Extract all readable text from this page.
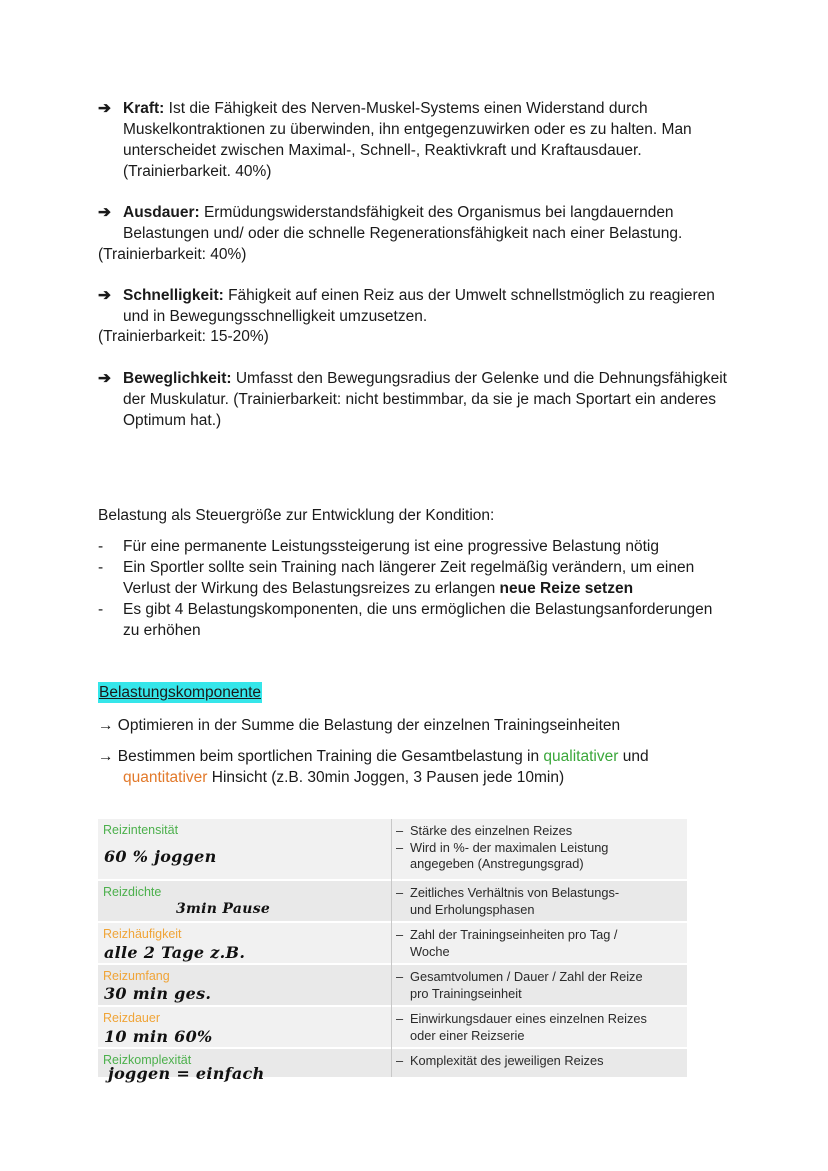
➔ Kraft: Ist die Fähigkeit des Nerven-Muskel-Systems einen Widerstand durch
Muskelkontraktionen zu überwinden, ihn entgegenzuwirken oder es zu halten. Man
unterscheidet zwischen Maximal-, Schnell-, Reaktivkraft und Kraftausdauer.
(Trainierbarkeit. 40%)
➔ Ausdauer: Ermüdungswiderstandsfähigkeit des Organismus bei langdauernden
Belastungen und/ oder die schnelle Regenerationsfähigkeit nach einer Belastung.
(Trainierbarkeit: 40%)
➔ Schnelligkeit: Fähigkeit auf einen Reiz aus der Umwelt schnellstmöglich zu reagieren
und in Bewegungsschnelligkeit umzusetzen.
(Trainierbarkeit: 15-20%)
➔ Beweglichkeit: Umfasst den Bewegungsradius der Gelenke und die Dehnungsfähigkeit
der Muskulatur. (Trainierbarkeit: nicht bestimmbar, da sie je mach Sportart ein anderes
Optimum hat.)
Belastung als Steuergröße zur Entwicklung der Kondition:
- Für eine permanente Leistungssteigerung ist eine progressive Belastung nötig
- Ein Sportler sollte sein Training nach längerer Zeit regelmäßig verändern, um einen
Verlust der Wirkung des Belastungsreizes zu erlangen neue Reize setzen
- Es gibt 4 Belastungskomponenten, die uns ermöglichen die Belastungsanforderungen
zu erhöhen
Belastungskomponente
→ Optimieren in der Summe die Belastung der einzelnen Trainingseinheiten
→ Bestimmen beim sportlichen Training die Gesamtbelastung in qualitativer und
quantitativer Hinsicht (z.B. 30min Joggen, 3 Pausen jede 10min)
Reizintensität
60 % joggen
– Stärke des einzelnen Reizes
– Wird in %- der maximalen Leistung
angegeben (Anstregungsgrad)
Reizdichte
3min Pause
– Zeitliches Verhältnis von Belastungs-
und Erholungsphasen
Reizhäufigkeit
alle 2 Tage z.B.
– Zahl der Trainingseinheiten pro Tag /
Woche
Reizumfang
30 min ges.
– Gesamtvolumen / Dauer / Zahl der Reize
pro Trainingseinheit
Reizdauer
10 min 60%
– Einwirkungsdauer eines einzelnen Reizes
oder einer Reizserie
Reizkomplexität	– Komplexität des jeweiligen Reizes
joggen = einfach
